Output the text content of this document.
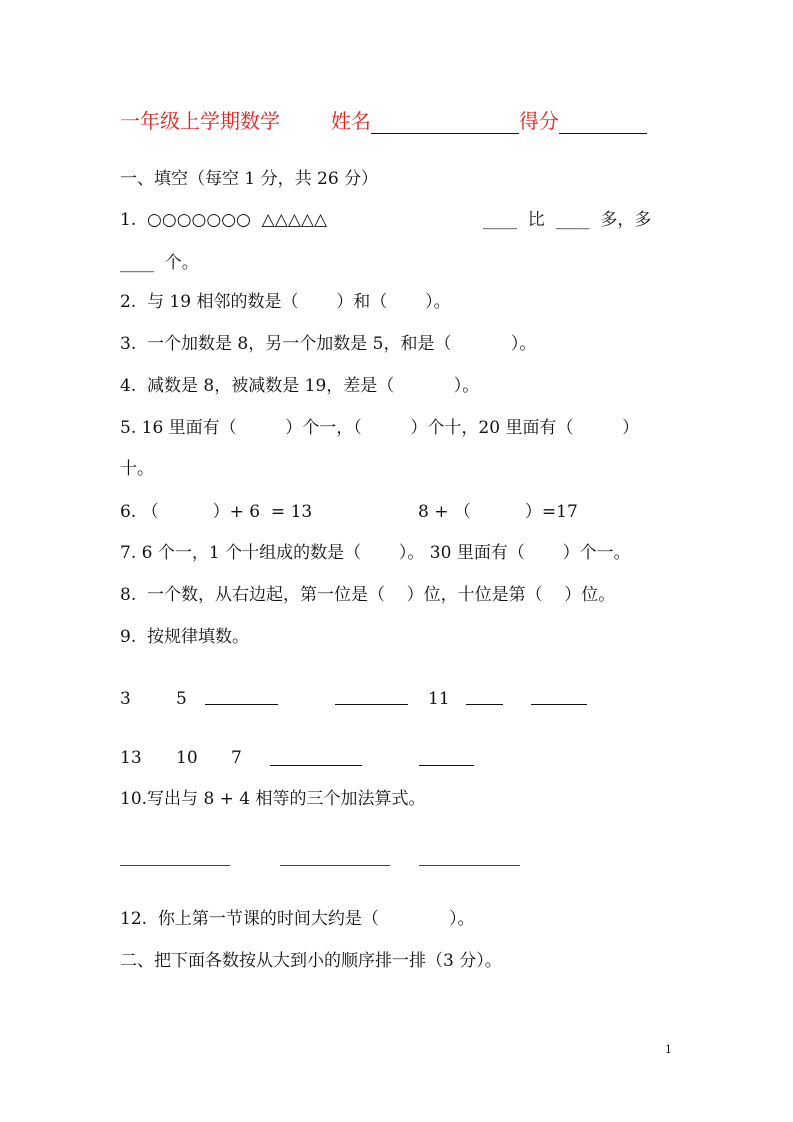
一年级上学期数学	姓名	得分
一、填空（每空 1 分，共 26 分）
1.  ○○○○○○○  △△△△△	____  比  ____  多，多
____  个。
2.  与 19 相邻的数是（       ）和（       ）。
3.  一个加数是 8，另一个加数是 5，和是（           ）。
4.  减数是 8，被减数是 19，差是（           ）。
5. 16 里面有（         ）个一，（         ）个十，20 里面有（         ）
十。
6. （          ）+ 6  = 13	8 + （          ）=17
7. 6 个一，1 个十组成的数是（       ）。 30 里面有（       ）个一。
8.  一个数，从右边起，第一位是（    ）位，十位是第（    ）位。
9.  按规律填数。
3	5	11
13 10 7
10.写出与 8 + 4 相等的三个加法算式。
12.  你上第一节课的时间大约是（             ）。
二、把下面各数按从大到小的顺序排一排（3 分）。
1
